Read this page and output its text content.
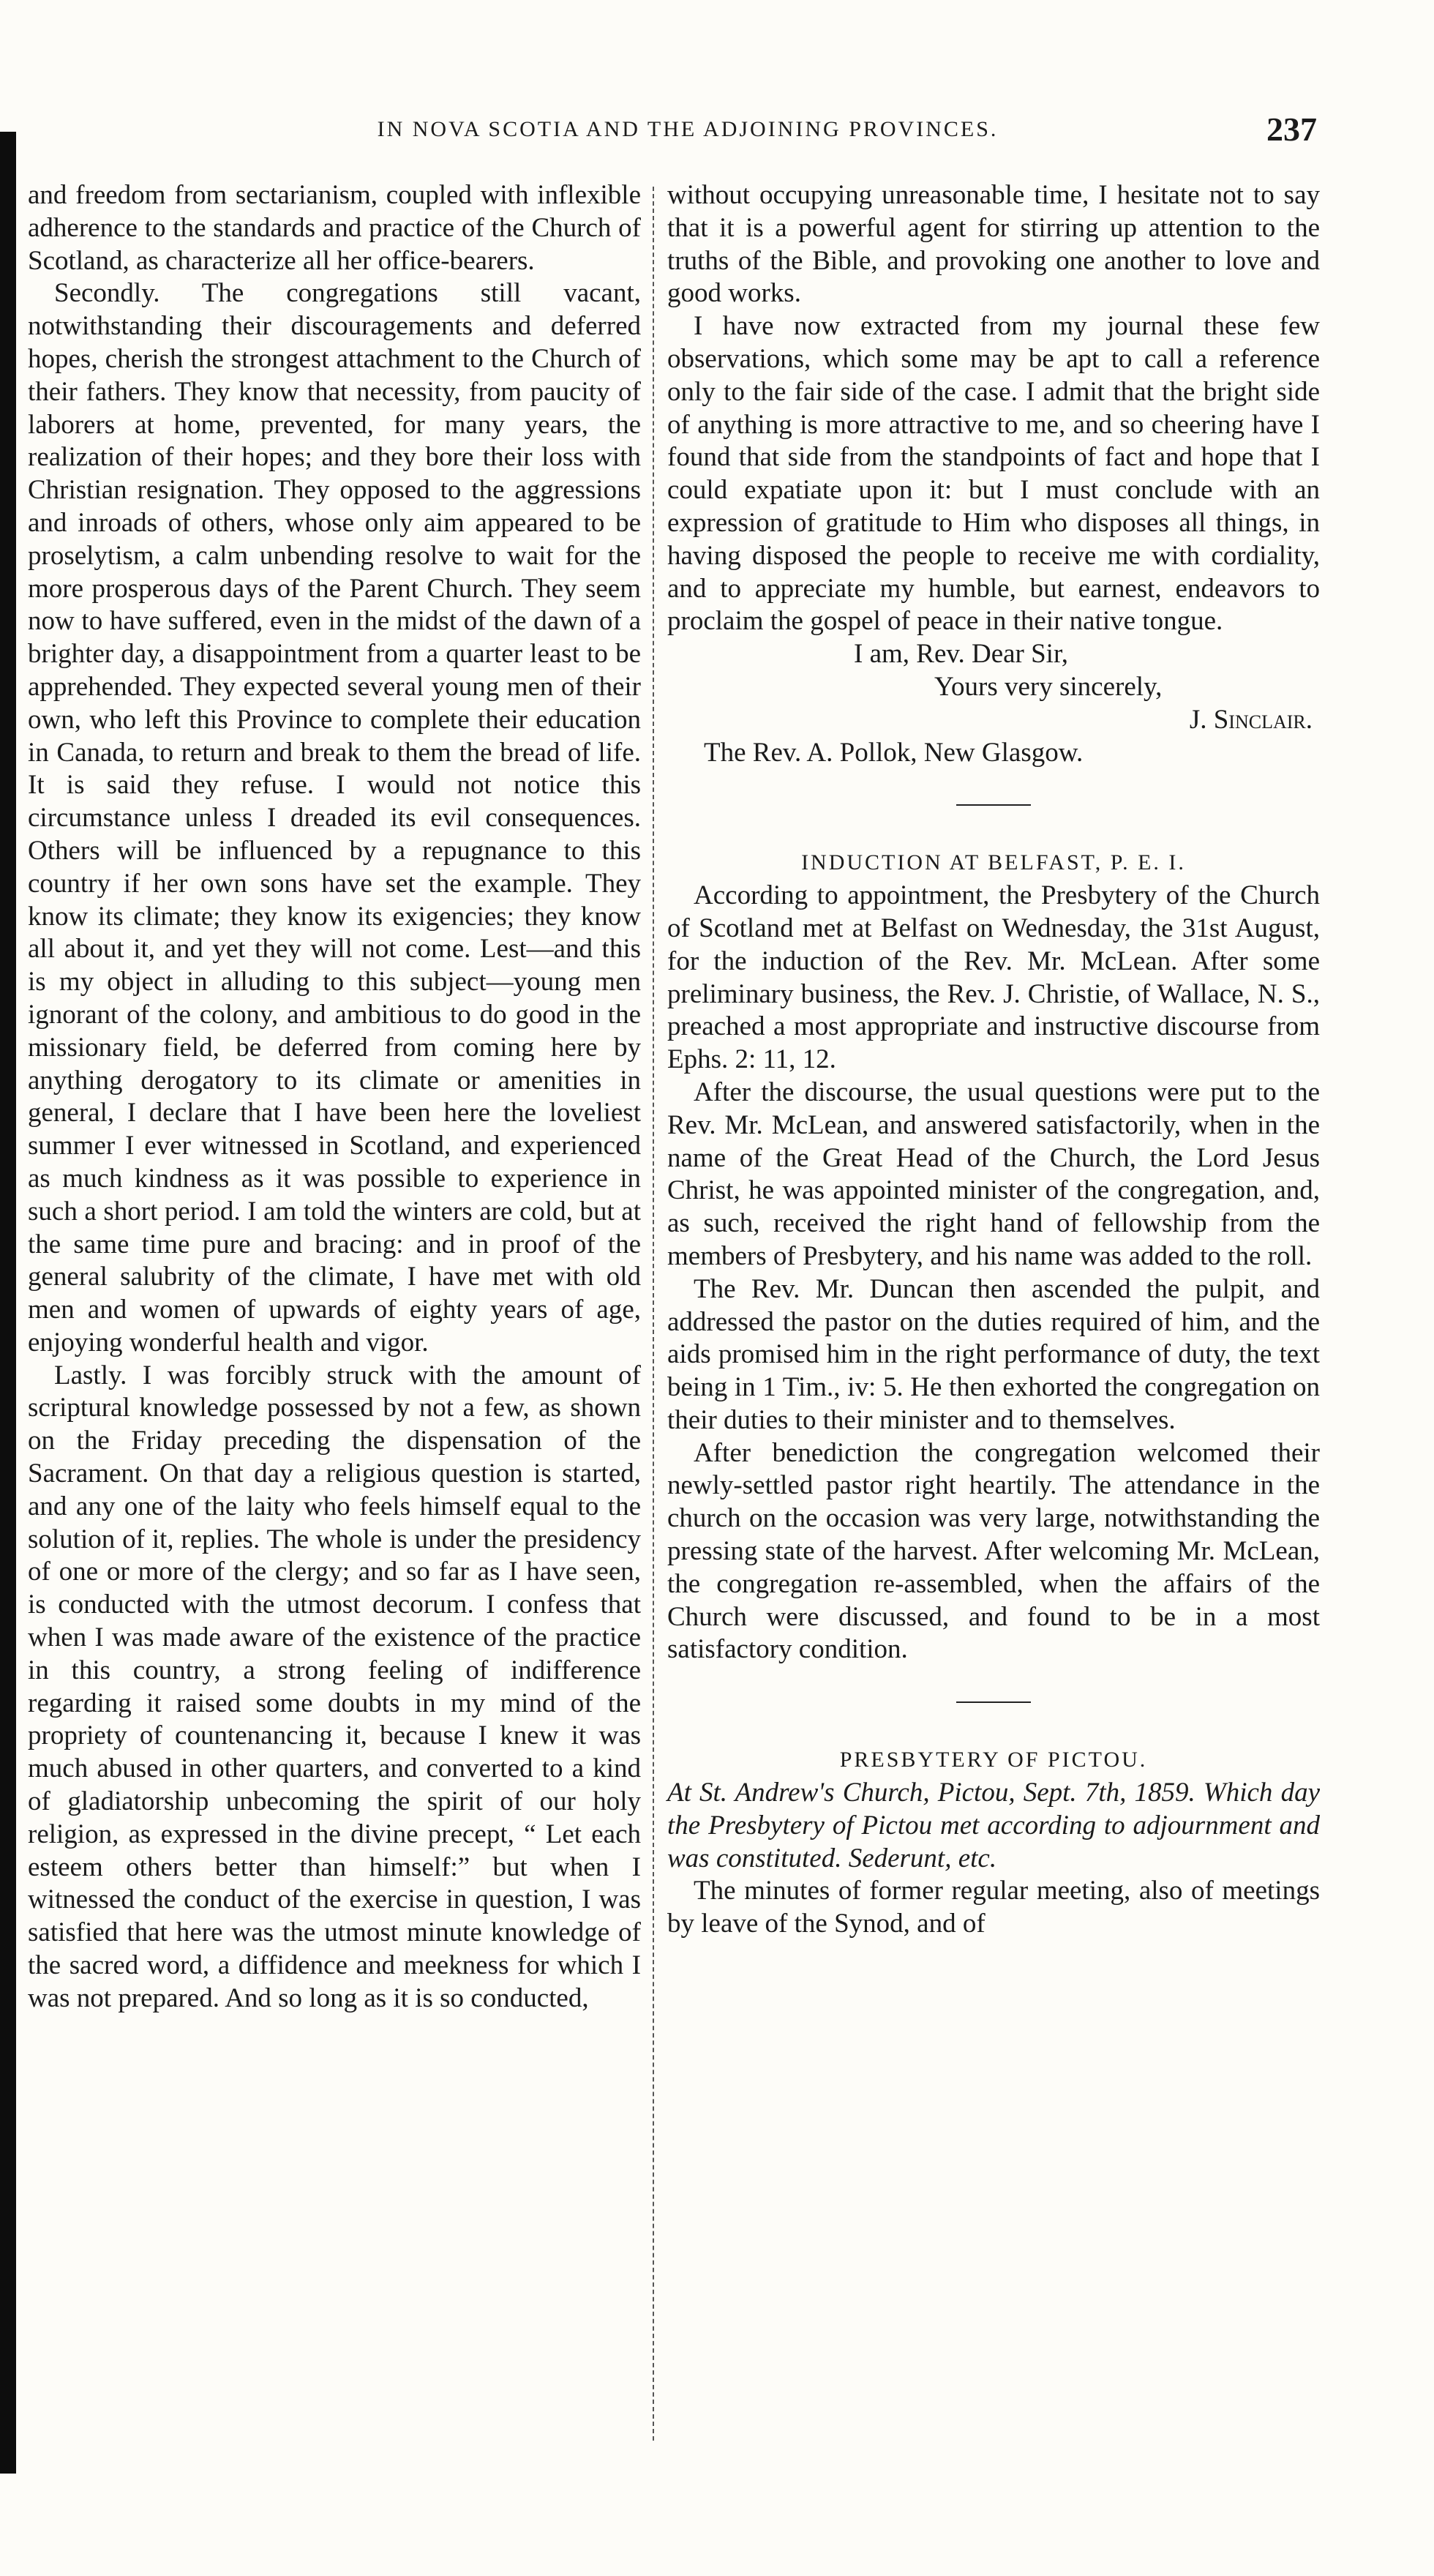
IN NOVA SCOTIA AND THE ADJOINING PROVINCES.	237

and freedom from sectarianism, coupled with inflexible adherence to the standards and practice of the Church of Scotland, as characterize all her office-bearers.

Secondly. The congregations still vacant, notwithstanding their discouragements and deferred hopes, cherish the strongest attachment to the Church of their fathers. They know that necessity, from paucity of laborers at home, prevented, for many years, the realization of their hopes; and they bore their loss with Christian resignation. They opposed to the aggressions and inroads of others, whose only aim appeared to be proselytism, a calm unbending resolve to wait for the more prosperous days of the Parent Church. They seem now to have suffered, even in the midst of the dawn of a brighter day, a disappointment from a quarter least to be apprehended. They expected several young men of their own, who left this Province to complete their education in Canada, to return and break to them the bread of life. It is said they refuse. I would not notice this circumstance unless I dreaded its evil consequences. Others will be influenced by a repugnance to this country if her own sons have set the example. They know its climate; they know its exigencies; they know all about it, and yet they will not come. Lest—and this is my object in alluding to this subject—young men ignorant of the colony, and ambitious to do good in the missionary field, be deferred from coming here by anything derogatory to its climate or amenities in general, I declare that I have been here the loveliest summer I ever witnessed in Scotland, and experienced as much kindness as it was possible to experience in such a short period. I am told the winters are cold, but at the same time pure and bracing: and in proof of the general salubrity of the climate, I have met with old men and women of upwards of eighty years of age, enjoying wonderful health and vigor.

Lastly. I was forcibly struck with the amount of scriptural knowledge possessed by not a few, as shown on the Friday preceding the dispensation of the Sacrament. On that day a religious question is started, and any one of the laity who feels himself equal to the solution of it, replies. The whole is under the presidency of one or more of the clergy; and so far as I have seen, is conducted with the utmost decorum. I confess that when I was made aware of the existence of the practice in this country, a strong feeling of indifference regarding it raised some doubts in my mind of the propriety of countenancing it, because I knew it was much abused in other quarters, and converted to a kind of gladiatorship unbecoming the spirit of our holy religion, as expressed in the divine precept, “ Let each esteem others better than himself:” but when I witnessed the conduct of the exercise in question, I was satisfied that here was the utmost minute knowledge of the sacred word, a diffidence and meekness for which I was not prepared. And so long as it is so conducted,

without occupying unreasonable time, I hesitate not to say that it is a powerful agent for stirring up attention to the truths of the Bible, and provoking one another to love and good works.

I have now extracted from my journal these few observations, which some may be apt to call a reference only to the fair side of the case. I admit that the bright side of anything is more attractive to me, and so cheering have I found that side from the standpoints of fact and hope that I could expatiate upon it: but I must conclude with an expression of gratitude to Him who disposes all things, in having disposed the people to receive me with cordiality, and to appreciate my humble, but earnest, endeavors to proclaim the gospel of peace in their native tongue.

I am, Rev. Dear Sir,

Yours very sincerely,

J. Sinclair.

The Rev. A. Pollok, New Glasgow.

INDUCTION AT BELFAST, P. E. I.

According to appointment, the Presbytery of the Church of Scotland met at Belfast on Wednesday, the 31st August, for the induction of the Rev. Mr. McLean. After some preliminary business, the Rev. J. Christie, of Wallace, N. S., preached a most appropriate and instructive discourse from Ephs. 2: 11, 12.

After the discourse, the usual questions were put to the Rev. Mr. McLean, and answered satisfactorily, when in the name of the Great Head of the Church, the Lord Jesus Christ, he was appointed minister of the congregation, and, as such, received the right hand of fellowship from the members of Presbytery, and his name was added to the roll.

The Rev. Mr. Duncan then ascended the pulpit, and addressed the pastor on the duties required of him, and the aids promised him in the right performance of duty, the text being in 1 Tim., iv: 5. He then exhorted the congregation on their duties to their minister and to themselves.

After benediction the congregation welcomed their newly-settled pastor right heartily. The attendance in the church on the occasion was very large, notwithstanding the pressing state of the harvest. After welcoming Mr. McLean, the congregation re-assembled, when the affairs of the Church were discussed, and found to be in a most satisfactory condition.

PRESBYTERY OF PICTOU.

At St. Andrew's Church, Pictou, Sept. 7th, 1859. Which day the Presbytery of Pictou met according to adjournment and was constituted. Sederunt, etc.

The minutes of former regular meeting, also of meetings by leave of the Synod, and of
